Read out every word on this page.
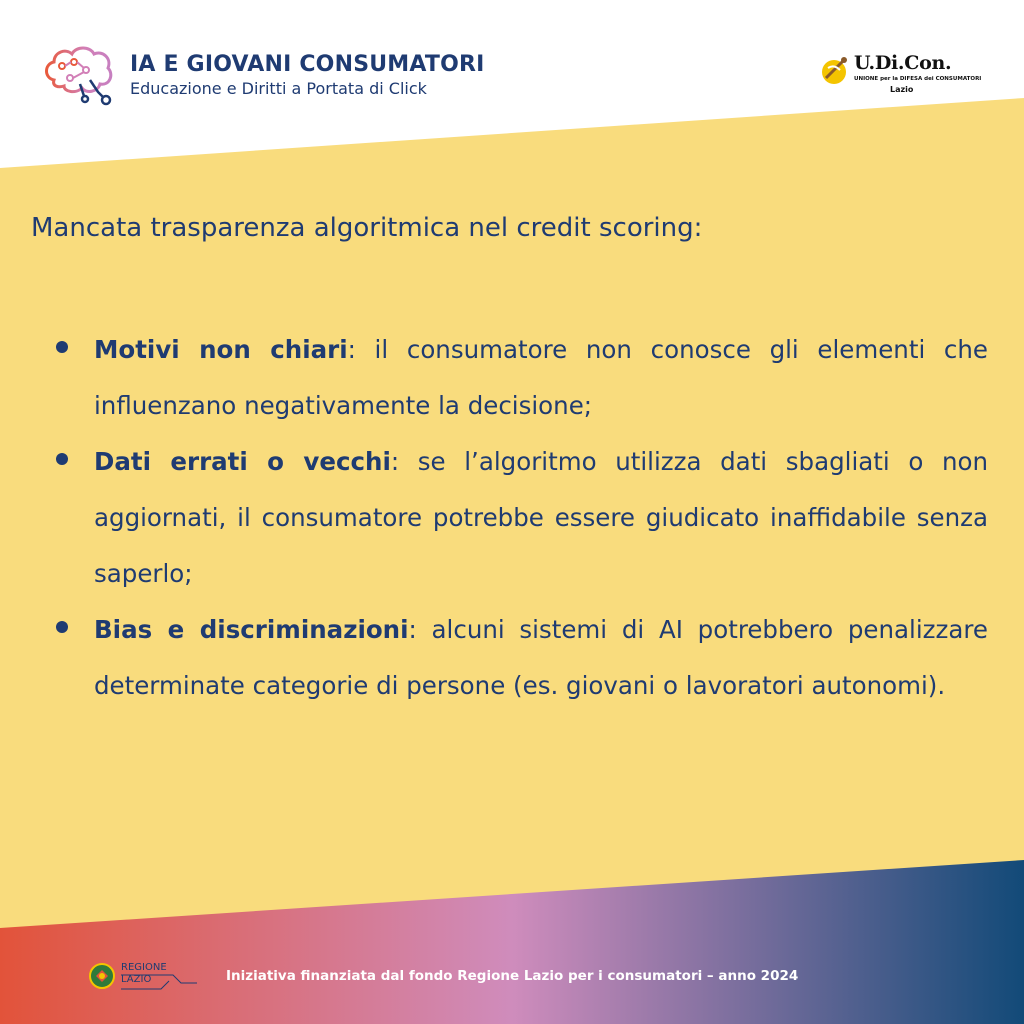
IA E GIOVANI CONSUMATORI
Educazione e Diritti a Portata di Click
U.Di.Con.
UNIONE per la DIFESA dei CONSUMATORI
Lazio
Mancata trasparenza algoritmica nel credit scoring:
Motivi non chiari: il consumatore non conosce gli elementi che influenzano negativamente la decisione;
Dati errati o vecchi: se l’algoritmo utilizza dati sbagliati o non aggiornati, il consumatore potrebbe essere giudicato inaffidabile senza saperlo;
Bias e discriminazioni: alcuni sistemi di AI potrebbero penalizzare determinate categorie di persone (es. giovani o lavoratori autonomi).
REGIONE
LAZIO	Iniziativa finanziata dal fondo Regione Lazio per i consumatori – anno 2024
